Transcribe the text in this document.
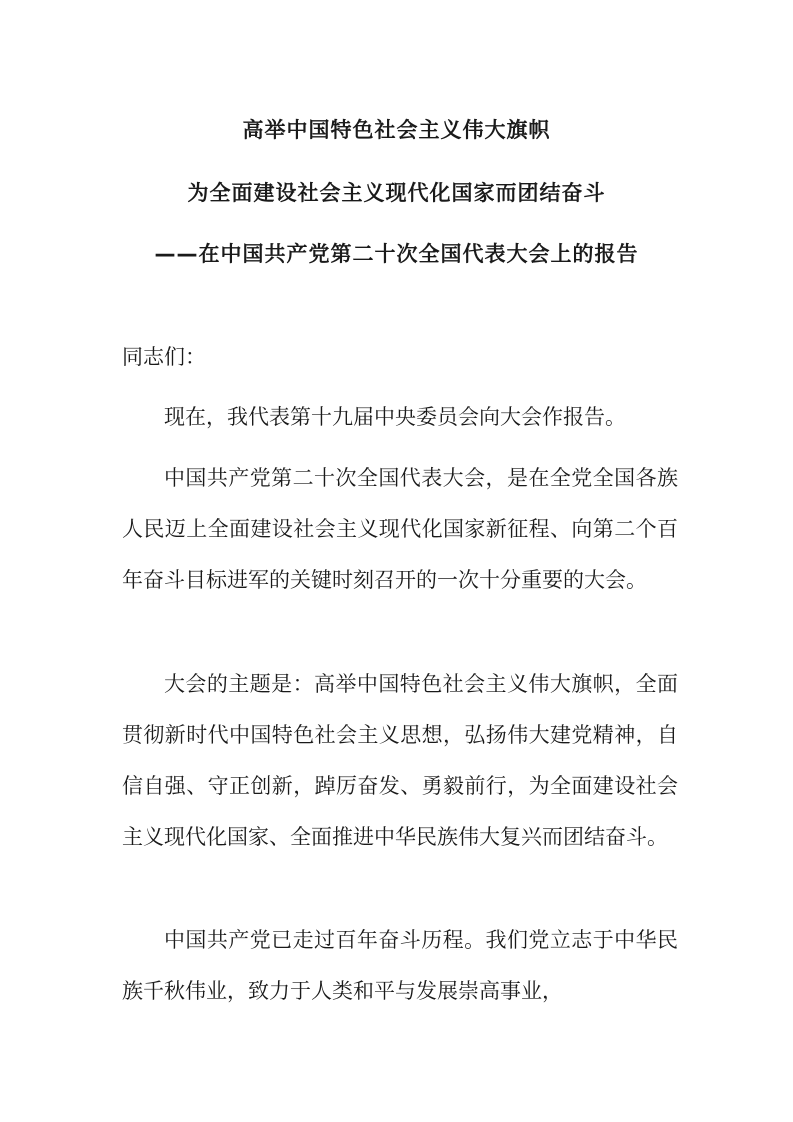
高举中国特色社会主义伟大旗帜
为全面建设社会主义现代化国家而团结奋斗
——在中国共产党第二十次全国代表大会上的报告
同志们：

现在，我代表第十九届中央委员会向大会作报告。

中国共产党第二十次全国代表大会，是在全党全国各族人民迈上全面建设社会主义现代化国家新征程、向第二个百年奋斗目标进军的关键时刻召开的一次十分重要的大会。

大会的主题是：高举中国特色社会主义伟大旗帜，全面贯彻新时代中国特色社会主义思想，弘扬伟大建党精神，自信自强、守正创新，踔厉奋发、勇毅前行，为全面建设社会主义现代化国家、全面推进中华民族伟大复兴而团结奋斗。

中国共产党已走过百年奋斗历程。我们党立志于中华民族千秋伟业，致力于人类和平与发展崇高事业，
